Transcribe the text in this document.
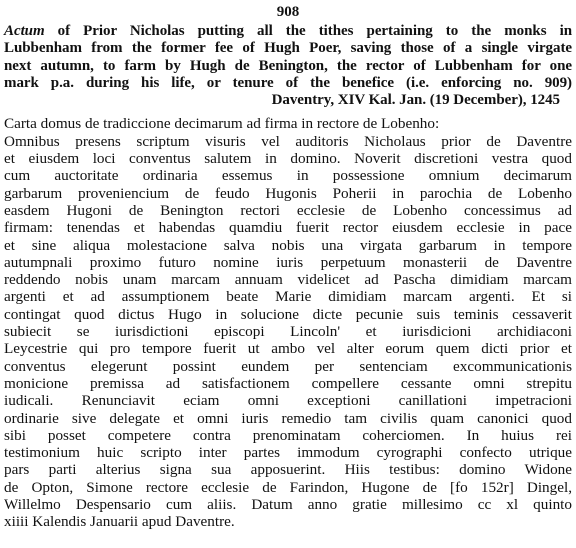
908
Actum of Prior Nicholas putting all the tithes pertaining to the monks in
Lubbenham from the former fee of Hugh Poer, saving those of a single virgate
next autumn, to farm by Hugh de Benington, the rector of Lubbenham for one
mark p.a. during his life, or tenure of the benefice (i.e. enforcing no. 909)
Daventry, XIV Kal. Jan. (19 December), 1245
Carta domus de tradiccione decimarum ad firma in rectore de Lobenho:
Omnibus presens scriptum visuris vel auditoris Nicholaus prior de Daventre
et eiusdem loci conventus salutem in domino. Noverit discretioni vestra quod
cum auctoritate ordinaria essemus in possessione omnium decimarum
garbarum proveniencium de feudo Hugonis Poherii in parochia de Lobenho
easdem Hugoni de Benington rectori ecclesie de Lobenho concessimus ad
firmam: tenendas et habendas quamdiu fuerit rector eiusdem ecclesie in pace
et sine aliqua molestacione salva nobis una virgata garbarum in tempore
autumpnali proximo futuro nomine iuris perpetuum monasterii de Daventre
reddendo nobis unam marcam annuam videlicet ad Pascha dimidiam marcam
argenti et ad assumptionem beate Marie dimidiam marcam argenti. Et si
contingat quod dictus Hugo in solucione dicte pecunie suis teminis cessaverit
subiecit se iurisdictioni episcopi Lincoln' et iurisdicioni archidiaconi
Leycestrie qui pro tempore fuerit ut ambo vel alter eorum quem dicti prior et
conventus elegerunt possint eundem per sentenciam excommunicationis
monicione premissa ad satisfactionem compellere cessante omni strepitu
iudicali. Renunciavit eciam omni exceptioni canillationi impetracioni
ordinarie sive delegate et omni iuris remedio tam civilis quam canonici quod
sibi posset competere contra prenominatam coherciomen. In huius rei
testimonium huic scripto inter partes immodum cyrographi confecto utrique
pars parti alterius signa sua apposuerint. Hiis testibus: domino Widone
de Opton, Simone rectore ecclesie de Farindon, Hugone de [fo 152r] Dingel,
Willelmo Despensario cum aliis. Datum anno gratie millesimo cc xl quinto
xiiii Kalendis Januarii apud Daventre.
